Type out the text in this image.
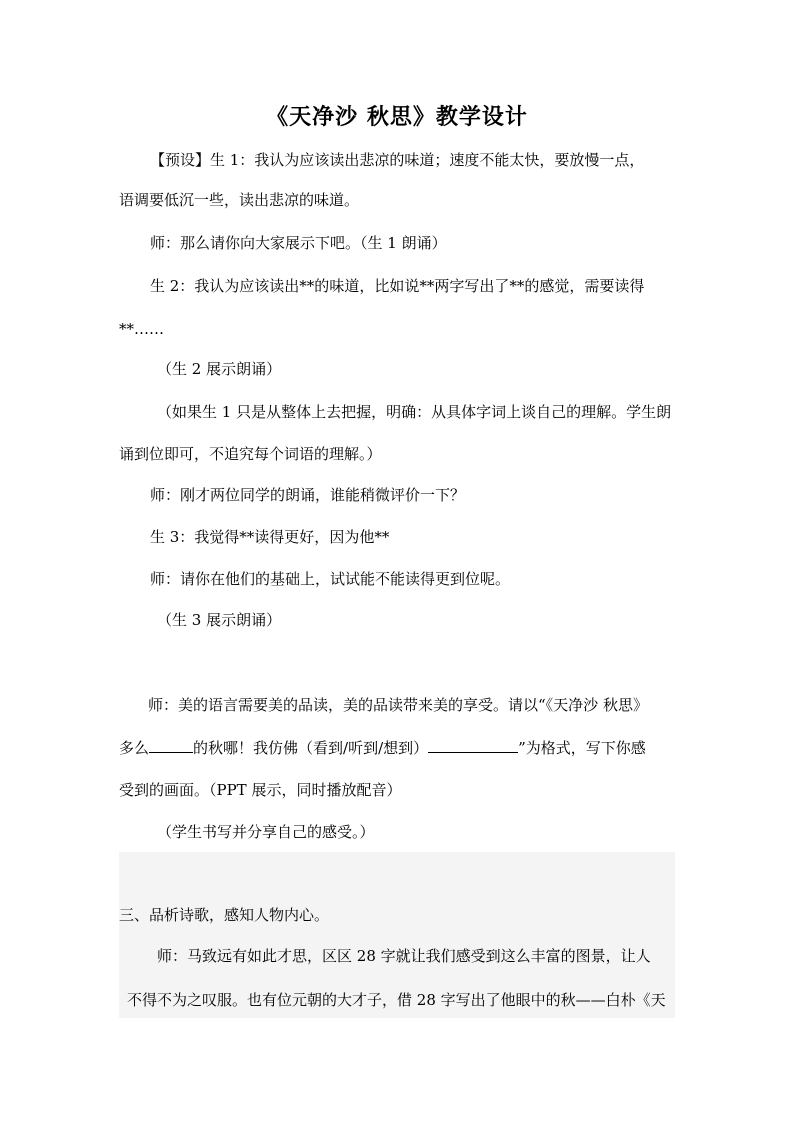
《天净沙 秋思》教学设计
【预设】生 1：我认为应该读出悲凉的味道；速度不能太快，要放慢一点，
语调要低沉一些，读出悲凉的味道。
师：那么请你向大家展示下吧。（生 1 朗诵）
生 2：我认为应该读出**的味道，比如说**两字写出了**的感觉，需要读得
**……
（生 2 展示朗诵）
（如果生 1 只是从整体上去把握，明确：从具体字词上谈自己的理解。学生朗
诵到位即可，不追究每个词语的理解。）
师：刚才两位同学的朗诵，谁能稍微评价一下？
生 3：我觉得**读得更好，因为他**
师：请你在他们的基础上，试试能不能读得更到位呢。
（生 3 展示朗诵）
师：美的语言需要美的品读，美的品读带来美的享受。请以“《天净沙 秋思》
多么	的秋哪！我仿佛（看到/听到/想到）	”为格式，写下你感
受到的画面。（PPT 展示，同时播放配音）
（学生书写并分享自己的感受。）
三、品析诗歌，感知人物内心。
师：马致远有如此才思，区区 28 字就让我们感受到这么丰富的图景，让人
不得不为之叹服。也有位元朝的大才子，借 28 字写出了他眼中的秋——白朴《天
